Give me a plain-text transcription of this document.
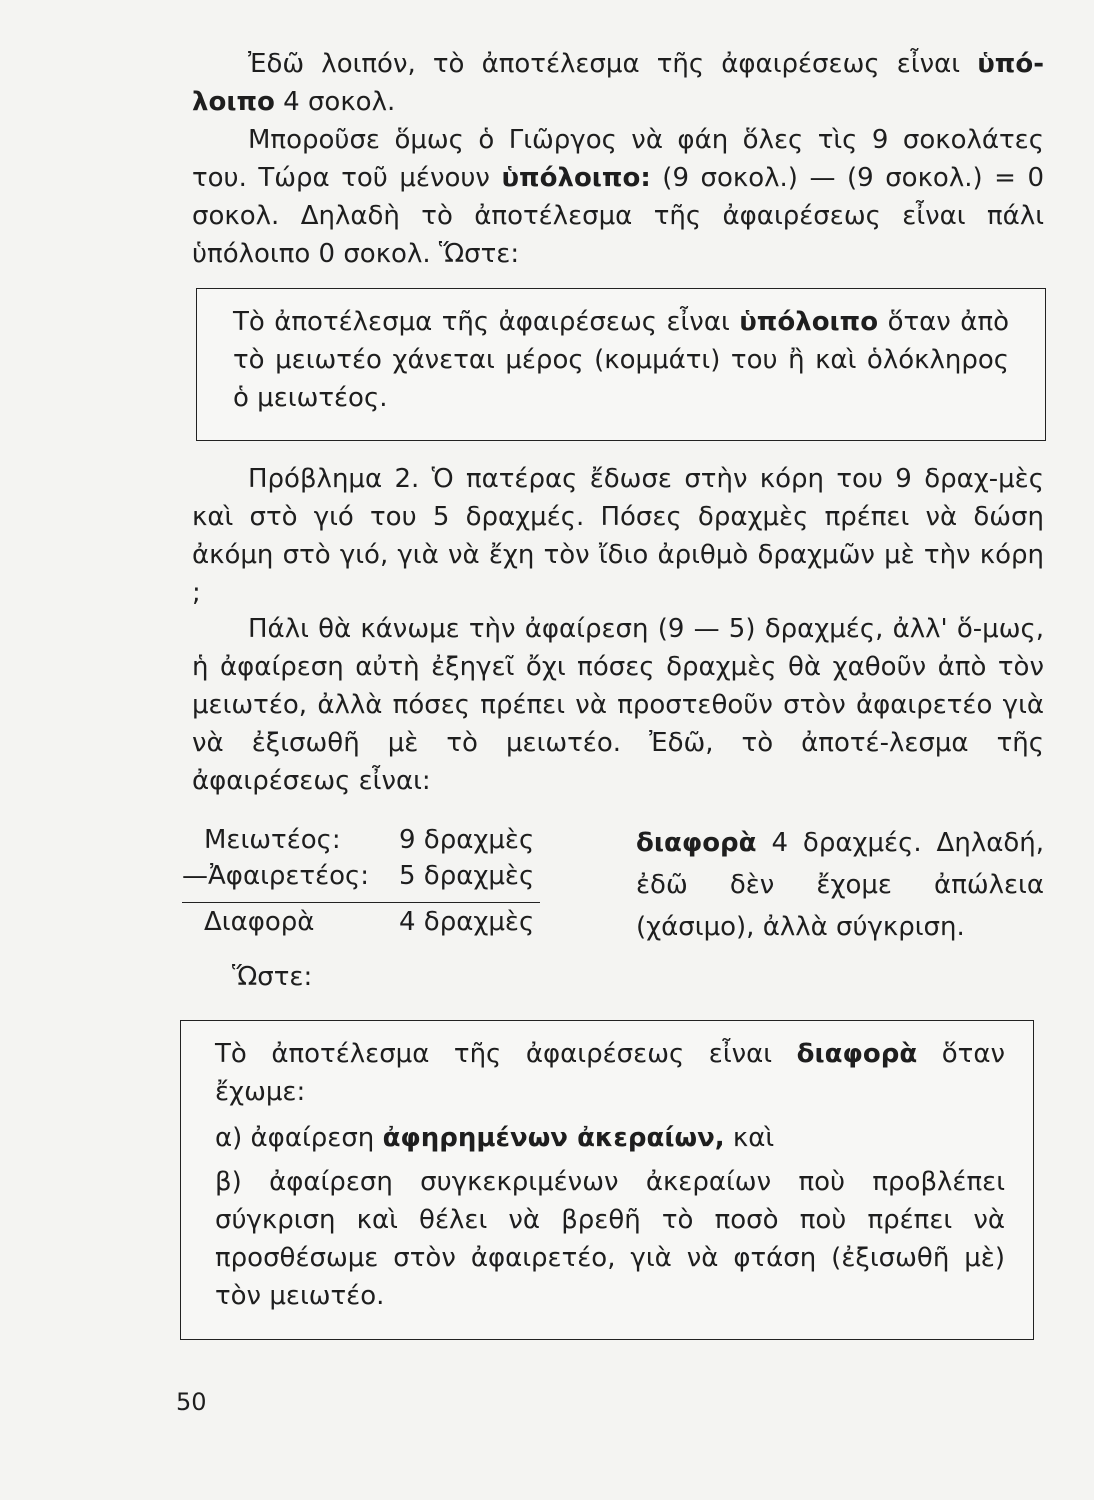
Ἐδῶ λοιπόν, τὸ ἀποτέλεσμα τῆς ἀφαιρέσεως εἶναι ὑπό-λοιπο 4 σοκολ.
Μποροῦσε ὅμως ὁ Γιῶργος νὰ φάη ὅλες τὶς 9 σοκολάτες του. Τώρα τοῦ μένουν ὑπόλοιπο: (9 σοκολ.) — (9 σοκολ.) = 0 σοκολ. Δηλαδὴ τὸ ἀποτέλεσμα τῆς ἀφαιρέσεως εἶναι πάλι ὑπόλοιπο 0 σοκολ. Ὥστε:

Τὸ ἀποτέλεσμα τῆς ἀφαιρέσεως εἶναι ὑπόλοιπο ὅταν ἀπὸ τὸ μειωτέο χάνεται μέρος (κομμάτι) του ἢ καὶ ὁλόκληρος ὁ μειωτέος.

Πρόβλημα 2. Ὁ πατέρας ἔδωσε στὴν κόρη του 9 δραχ-μὲς καὶ στὸ γιό του 5 δραχμές. Πόσες δραχμὲς πρέπει νὰ δώση ἀκόμη στὸ γιό, γιὰ νὰ ἔχη τὸν ἴδιο ἀριθμὸ δραχμῶν μὲ τὴν κόρη ;

Πάλι θὰ κάνωμε τὴν ἀφαίρεση (9 — 5) δραχμές, ἀλλ' ὅ-μως, ἡ ἀφαίρεση αὐτὴ ἐξηγεῖ ὄχι πόσες δραχμὲς θὰ χαθοῦν ἀπὸ τὸν μειωτέο, ἀλλὰ πόσες πρέπει νὰ προστεθοῦν στὸν ἀφαιρετέο γιὰ νὰ ἐξισωθῆ μὲ τὸ μειωτέο. Ἐδῶ, τὸ ἀποτέ-λεσμα τῆς ἀφαιρέσεως εἶναι:

Μειωτέος: 9 δραχμὲς
—Ἀφαιρετέος: 5 δραχμὲς
Διαφορὰ	4 δραχμὲς

διαφορὰ 4 δραχμές. Δηλαδή, ἐδῶ δὲν ἔχομε ἀπώλεια (χάσιμο), ἀλλὰ σύγκριση.

Ὥστε:

Τὸ ἀποτέλεσμα τῆς ἀφαιρέσεως εἶναι διαφορὰ ὅταν ἔχωμε:

α) ἀφαίρεση ἀφηρημένων ἀκεραίων, καὶ

β) ἀφαίρεση συγκεκριμένων ἀκεραίων ποὺ προβλέπει σύγκριση καὶ θέλει νὰ βρεθῆ τὸ ποσὸ ποὺ πρέπει νὰ προσθέσωμε στὸν ἀφαιρετέο, γιὰ νὰ φτάση (ἐξισωθῆ μὲ) τὸν μειωτέο.

50
